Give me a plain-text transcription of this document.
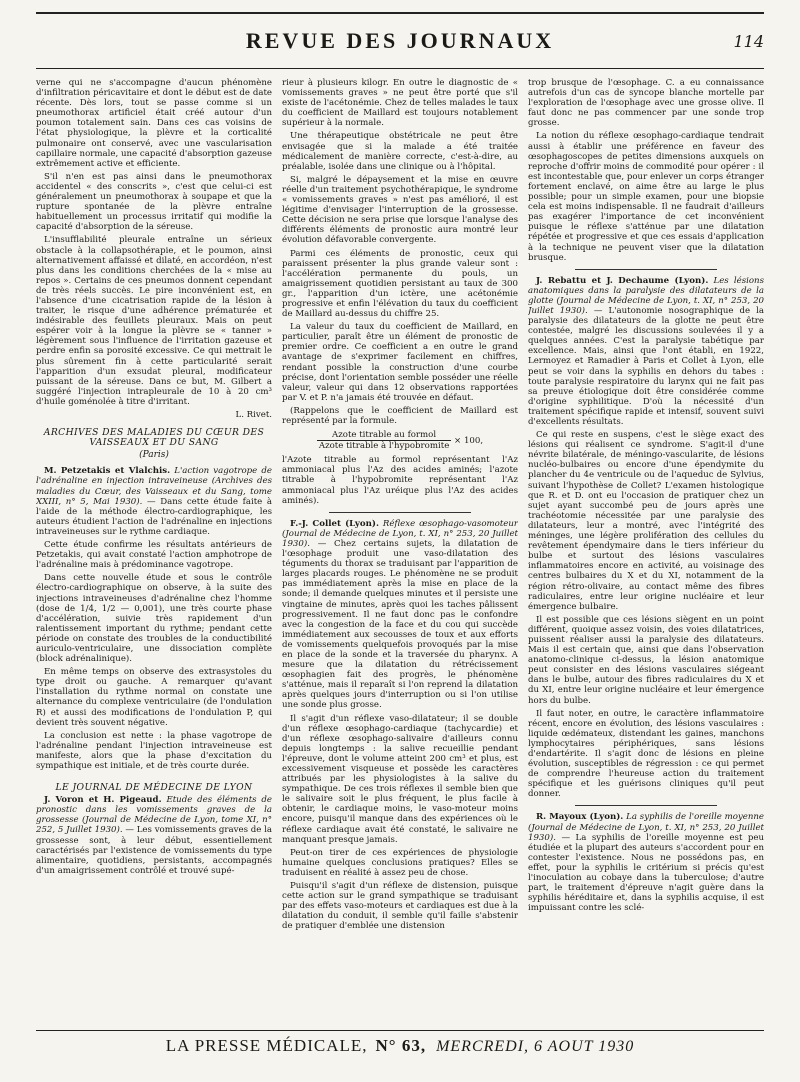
REVUE DES JOURNAUX	114

verne qui ne s'accompagne d'aucun phénomène d'infiltration péricavitaire et dont le début est de date récente. Dès lors, tout se passe comme si un pneumothorax artificiel était créé autour d'un poumon totalement sain. Dans ces cas voisins de l'état physiologique, la plèvre et la corticalité pulmonaire ont conservé, avec une vascularisation capillaire normale, une capacité d'absorption gazeuse extrêmement active et efficiente.

S'il n'en est pas ainsi dans le pneumothorax accidentel « des conscrits », c'est que celui-ci est généralement un pneumothorax à soupape et que la rupture spontanée de la plèvre entraîne habituellement un processus irritatif qui modifie la capacité d'absorption de la séreuse.

L'insufflabilité pleurale entraîne un sérieux obstacle à la collapsothérapie, et le poumon, ainsi alternativement affaissé et dilaté, en accordéon, n'est plus dans les conditions cherchées de la « mise au repos ». Certains de ces pneumos donnent cependant de très réels succès. Le pire inconvénient est, en l'absence d'une cicatrisation rapide de la lésion à traiter, le risque d'une adhérence prématurée et indésirable des feuillets pleuraux. Mais on peut espérer voir à la longue la plèvre se « tanner » légèrement sous l'influence de l'irritation gazeuse et perdre enfin sa porosité excessive. Ce qui mettrait le plus sûrement fin à cette particularité serait l'apparition d'un exsudat pleural, modificateur puissant de la séreuse. Dans ce but, M. Gilbert a suggéré l'injection intrapleurale de 10 à 20 cm³ d'huile goménolée à titre d'irritant.

L. Rivet.
ARCHIVES DES MALADIES DU CŒUR DES VAISSEAUX ET DU SANG
(Paris)

M. Petzetakis et Vlalchis. L'action vagotrope de l'adrénaline en injection intraveineuse (Archives des maladies du Cœur, des Vaisseaux et du Sang, tome XXIII, n° 5, Mai 1930). — Dans cette étude faite à l'aide de la méthode électro-cardiographique, les auteurs étudient l'action de l'adrénaline en injections intraveineuses sur le rythme cardiaque.

Cette étude confirme les résultats antérieurs de Petzetakis, qui avait constaté l'action amphotrope de l'adrénaline mais à prédominance vagotrope.

Dans cette nouvelle étude et sous le contrôle électro-cardiographique on observe, à la suite des injections intraveineuses d'adrénaline chez l'homme (dose de 1/4, 1/2 — 0,001), une très courte phase d'accélération, suivie très rapidement d'un ralentissement important du rythme; pendant cette période on constate des troubles de la conductibilité auriculo-ventriculaire, une dissociation complète (block adrénalinique).

En même temps on observe des extrasystoles du type droit ou gauche. A remarquer qu'avant l'installation du rythme normal on constate une alternance du complexe ventriculaire (de l'ondulation R) et aussi des modifications de l'ondulation P, qui devient très souvent négative.

La conclusion est nette : la phase vagotrope de l'adrénaline pendant l'injection intraveineuse est manifeste, alors que la phase d'excitation du sympathique est initiale, et de très courte durée.

LE JOURNAL DE MÉDECINE DE LYON

J. Voron et H. Pigeaud. Etude des éléments de pronostic dans les vomissements graves de la grossesse (Journal de Médecine de Lyon, tome XI, n° 252, 5 Juillet 1930). — Les vomissements graves de la grossesse sont, à leur début, essentiellement caractérisés par l'existence de vomissements du type alimentaire, quotidiens, persistants, accompagnés d'un amaigrissement contrôlé et trouvé supé-

rieur à plusieurs kilogr. En outre le diagnostic de « vomissements graves » ne peut être porté que s'il existe de l'acétonémie. Chez de telles malades le taux du coefficient de Maillard est toujours notablement supérieur à la normale.

Une thérapeutique obstétricale ne peut être envisagée que si la malade a été traitée médicalement de manière correcte, c'est-à-dire, au préalable, isolée dans une clinique ou à l'hôpital.

Si, malgré le dépaysement et la mise en œuvre réelle d'un traitement psychothérapique, le syndrome « vomissements graves » n'est pas amélioré, il est légitime d'envisager l'interruption de la grossesse. Cette décision ne sera prise que lorsque l'analyse des différents éléments de pronostic aura montré leur évolution défavorable convergente.

Parmi ces éléments de pronostic, ceux qui paraissent présenter la plus grande valeur sont : l'accélération permanente du pouls, un amaigrissement quotidien persistant au taux de 300 gr., l'apparition d'un ictère, une acétonémie progressive et enfin l'élévation du taux du coefficient de Maillard au-dessus du chiffre 25.

La valeur du taux du coefficient de Maillard, en particulier, paraît être un élément de pronostic de premier ordre. Ce coefficient a en outre le grand avantage de s'exprimer facilement en chiffres, rendant possible la construction d'une courbe précise, dont l'orientation semble posséder une réelle valeur, valeur qui dans 12 observations rapportées par V. et P. n'a jamais été trouvée en défaut.

(Rappelons que le coefficient de Maillard est représenté par la formule.

$\frac{\text{Azote titrable au formol}}{\text{Azote titrable à l'hypobromite}} \times 100$,

l'Azote titrable au formol représentant l'Az ammoniacal plus l'Az des acides aminés; l'azote titrable à l'hypobromite représentant l'Az ammoniacal plus l'Az uréique plus l'Az des acides aminés).

F.-J. Collet (Lyon). Réflexe œsophago-vasomoteur (Journal de Médecine de Lyon, t. XI, n° 253, 20 Juillet 1930). — Chez certains sujets, la dilatation de l'œsophage produit une vaso-dilatation des téguments du thorax se traduisant par l'apparition de larges placards rouges. Le phénomène ne se produit pas immédiatement après la mise en place de la sonde; il demande quelques minutes et il persiste une vingtaine de minutes, après quoi les taches pâlissent progressivement. Il ne faut donc pas le confondre avec la congestion de la face et du cou qui succède immédiatement aux secousses de toux et aux efforts de vomissements quelquefois provoqués par la mise en place de la sonde et la traversée du pharynx. A mesure que la dilatation du rétrécissement œsophagien fait des progrès, le phénomène s'atténue, mais il reparaît si l'on reprend la dilatation après quelques jours d'interruption ou si l'on utilise une sonde plus grosse.

Il s'agit d'un réflexe vaso-dilatateur; il se double d'un réflexe œsophago-cardiaque (tachycardie) et d'un réflexe œsophago-salivaire d'ailleurs connu depuis longtemps : la salive recueillie pendant l'épreuve, dont le volume atteint 200 cm³ et plus, est excessivement visqueuse et possède les caractères attribués par les physiologistes à la salive du sympathique. De ces trois réflexes il semble bien que le salivaire soit le plus fréquent, le plus facile à obtenir, le cardiaque moins, le vaso-moteur moins encore, puisqu'il manque dans des expériences où le réflexe cardiaque avait été constaté, le salivaire ne manquant presque jamais.

Peut-on tirer de ces expériences de physiologie humaine quelques conclusions pratiques? Elles se traduisent en réalité à assez peu de chose.

Puisqu'il s'agit d'un réflexe de distension, puisque cette action sur le grand sympathique se traduisant par des effets vaso-moteurs et cardiaques est due à la dilatation du conduit, il semble qu'il faille s'abstenir de pratiquer d'emblée une distension

trop brusque de l'œsophage. C. a eu connaissance autrefois d'un cas de syncope blanche mortelle par l'exploration de l'œsophage avec une grosse olive. Il faut donc ne pas commencer par une sonde trop grosse.

La notion du réflexe œsophago-cardiaque tendrait aussi à établir une préférence en faveur des œsophagoscopes de petites dimensions auxquels on reproche d'offrir moins de commodité pour opérer : il est incontestable que, pour enlever un corps étranger fortement enclavé, on aime être au large le plus possible; pour un simple examen, pour une biopsie cela est moins indispensable. Il ne faudrait d'ailleurs pas exagérer l'importance de cet inconvénient puisque le réflexe s'atténue par une dilatation répétée et progressive et que ces essais d'application à la technique ne peuvent viser que la dilatation brusque.

J. Rebattu et J. Dechaume (Lyon). Les lésions anatomiques dans la paralysie des dilatateurs de la glotte (Journal de Médecine de Lyon, t. XI, n° 253, 20 Juillet 1930). — L'autonomie nosographique de la paralysie des dilatateurs de la glotte ne peut être contestée, malgré les discussions soulevées il y a quelques années. C'est la paralysie tabétique par excellence. Mais, ainsi que l'ont établi, en 1922, Lermoyez et Ramadier à Paris et Collet à Lyon, elle peut se voir dans la syphilis en dehors du tabes : toute paralysie respiratoire du larynx qui ne fait pas sa preuve étiologique doit être considérée comme d'origine syphilitique. D'où la nécessité d'un traitement spécifique rapide et intensif, souvent suivi d'excellents résultats.

Ce qui reste en suspens, c'est le siège exact des lésions qui réalisent ce syndrome. S'agit-il d'une névrite bilatérale, de méningo-vascularite, de lésions nucléo-bulbaires ou encore d'une épendymite du plancher du 4e ventricule ou de l'aqueduc de Sylvius, suivant l'hypothèse de Collet? L'examen histologique que R. et D. ont eu l'occasion de pratiquer chez un sujet ayant succombé peu de jours après une trachéotomie nécessitée par une paralysie des dilatateurs, leur a montré, avec l'intégrité des méninges, une légère prolifération des cellules du revêtement épendymaire dans le tiers inférieur du bulbe et surtout des lésions vasculaires inflammatoires encore en activité, au voisinage des centres bulbaires du X et du XI, notamment de la région rétro-olivaire, au contact même des fibres radiculaires, entre leur origine nucléaire et leur émergence bulbaire.

Il est possible que ces lésions siègent en un point différent, quoique assez voisin, des voies dilatatrices, puissent réaliser aussi la paralysie des dilatateurs. Mais il est certain que, ainsi que dans l'observation anatomo-clinique ci-dessus, la lésion anatomique peut consister en des lésions vasculaires siégeant dans le bulbe, autour des fibres radiculaires du X et du XI, entre leur origine nucléaire et leur émergence hors du bulbe.

Il faut noter, en outre, le caractère inflammatoire récent, encore en évolution, des lésions vasculaires : liquide œdémateux, distendant les gaines, manchons lymphocytaires périphériques, sans lésions d'endartérite. Il s'agit donc de lésions en pleine évolution, susceptibles de régression : ce qui permet de comprendre l'heureuse action du traitement spécifique et les guérisons cliniques qu'il peut donner.

R. Mayoux (Lyon). La syphilis de l'oreille moyenne (Journal de Médecine de Lyon, t. XI, n° 253, 20 Juillet 1930). — La syphilis de l'oreille moyenne est peu étudiée et la plupart des auteurs s'accordent pour en contester l'existence. Nous ne possédons pas, en effet, pour la syphilis le critérium si précis qu'est l'inoculation au cobaye dans la tuberculose; d'autre part, le traitement d'épreuve n'agit guère dans la syphilis héréditaire et, dans la syphilis acquise, il est impuissant contre les sclé-

LA PRESSE MÉDICALE, N° 63, MERCREDI, 6 AOUT 1930
